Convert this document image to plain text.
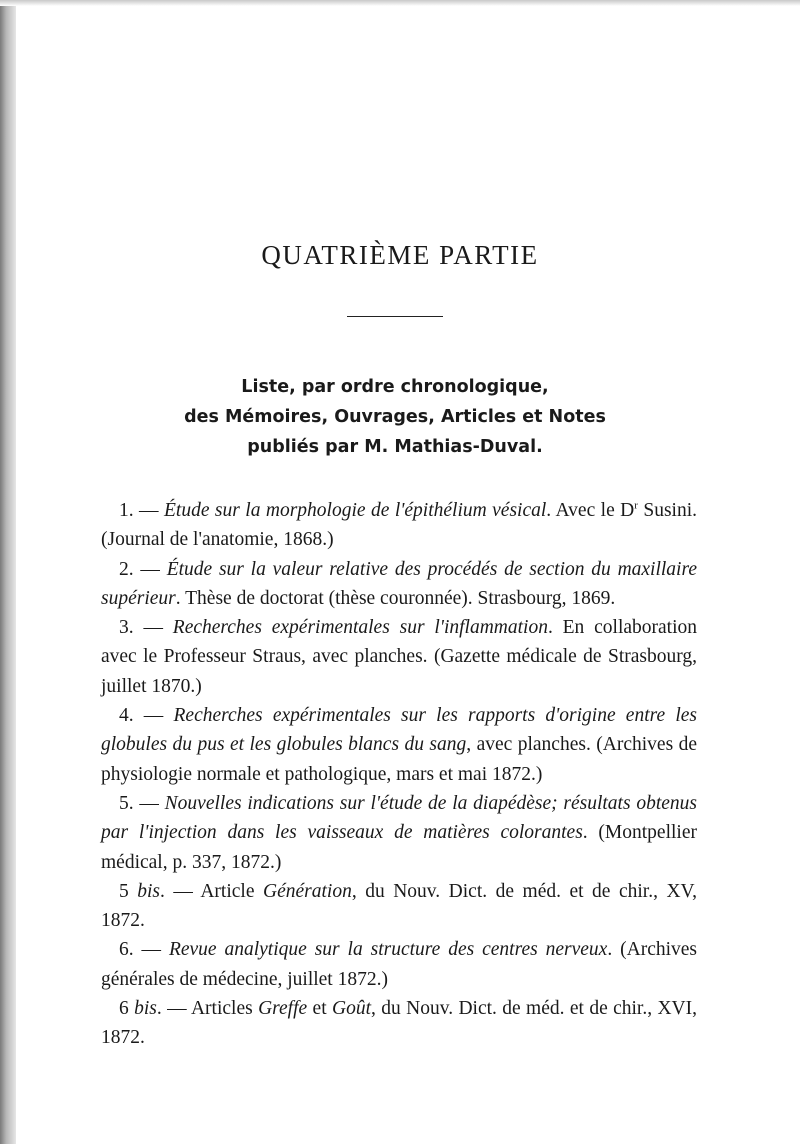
QUATRIÈME PARTIE
Liste, par ordre chronologique,
des Mémoires, Ouvrages, Articles et Notes
publiés par M. Mathias-Duval.

1. — Étude sur la morphologie de l'épithélium vésical. Avec le $D^r$ Susini. (Journal de l'anatomie, 1868.)

2. — Étude sur la valeur relative des procédés de section du maxillaire supérieur. Thèse de doctorat (thèse couronnée). Strasbourg, 1869.

3. — Recherches expérimentales sur l'inflammation. En collaboration avec le Professeur Straus, avec planches. (Gazette médicale de Strasbourg, juillet 1870.)

4. — Recherches expérimentales sur les rapports d'origine entre les globules du pus et les globules blancs du sang, avec planches. (Archives de physiologie normale et pathologique, mars et mai 1872.)

5. — Nouvelles indications sur l'étude de la diapédèse; résultats obtenus par l'injection dans les vaisseaux de matières colorantes. (Montpellier médical, p. 337, 1872.)

5 bis. — Article Génération, du Nouv. Dict. de méd. et de chir., XV, 1872.

6. — Revue analytique sur la structure des centres nerveux. (Archives générales de médecine, juillet 1872.)

6 bis. — Articles Greffe et Goût, du Nouv. Dict. de méd. et de chir., XVI, 1872.
